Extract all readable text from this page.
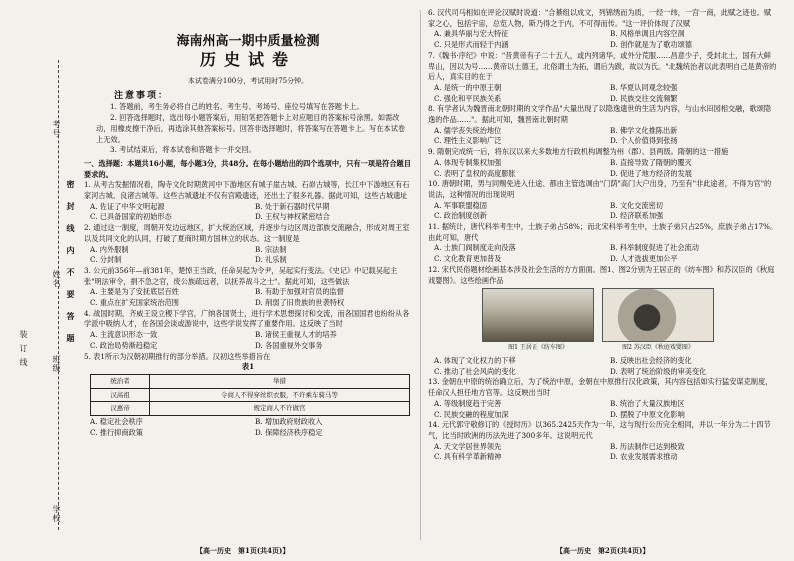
考号
姓名
班级
学校
密封线内不要答题
装订线
海南州高一期中质量检测
历史试卷
本试卷满分100分，考试用时75分钟。
注意事项：
1. 答题前，考生务必将自己的姓名、考生号、考场号、座位号填写在答题卡上。
2. 回答选择题时，选出每小题答案后，用铅笔把答题卡上对应题目的答案标号涂黑。如需改动，用橡皮擦干净后，再选涂其他答案标号。回答非选择题时，将答案写在答题卡上。写在本试卷上无效。
3. 考试结束后，将本试卷和答题卡一并交回。
一、选择题：本题共16小题，每小题3分，共48分。在每小题给出的四个选项中，只有一项是符合题目要求的。
1. 从考古发掘情况看，陶寺文化时期黄河中下游地区有城子崖古城、石峁古城等，长江中下游地区有石家河古城、良渚古城等。这些古城遗址不仅有宫殿遗迹，还出土了很多礼器。据此可知，这些古城遗址
A. 佐证了中华文明起源	B. 处于新石器时代早期
C. 已具备国家的初始形态	D. 王权与神权紧密结合
2. 通过这一制度，周朝开发边远地区，扩大统治区域，并逐步与边区周边部族交流融合，形成对周王室以及共同文化的认同，打破了夏商时期方国林立的状态。这一制度是
A. 内外服制	B. 宗法制
C. 分封制	D. 礼乐制
3. 公元前356年—前381年，楚悼王当政，任命吴起为令尹，吴起实行变法。《史记》中记载吴起主张"明法审令，捐不急之官，废公族疏远者，以抚养战斗之士"。据此可知，这些做法
A. 主要是为了安抚底层百姓	B. 有助于加强对官员的监督
C. 重点在扩充国家统治范围	D. 削弱了旧贵族的世袭特权
4. 战国时期，齐威王设立稷下学宫，广纳各国贤士，进行学术思想探讨和交流，而各国国君也纷纷从各学派中吸纳人才，在各国会谈或游说中，这些学说发挥了重要作用。这反映了当时
A. 主流意识形态一致	B. 诸侯王重视人才的培养
C. 政治局势渐趋稳定	D. 各国重视外交事务
5. 表1所示为汉朝初期推行的部分举措。汉初这些举措旨在
表1
统治者	举措
汉高祖	令商人不得穿丝织衣服，不许乘车骑马等
汉惠帝	规定商人不许做官
A. 稳定社会秩序	B. 增加政府财政收入
C. 推行抑商政策	D. 保障经济秩序稳定
6. 汉代司马相如在评论汉赋时说道："合綦组以成文，列锦绣而为质，一经一纬，一宫一商，此赋之迹也。赋家之心，包括宇宙，总览人物，斯乃得之于内，不可得而传。"这一评价体现了汉赋
A. 兼具华丽与宏大特征	B. 风格单调且内容空洞
C. 只是形式而轻于内涵	D. 创作就是为了歌功颂德
7.《魏书·序纪》中说："昔黄帝有子二十五人，或内列诸华，或外分荒服……昌意少子，受封北土，国有大鲜卑山，因以为号……黄帝以土德王，北俗谓土为拓，谓后为跋，故以为氏。"北魏统治者以此表明自己是黄帝的后人，真实目的在于
A. 是统一的中原王朝	B. 华夏认同观念较强
C. 强化和平民族关系	D. 民族交往交流频繁
8. 有学者认为魏晋南北朝时期的文学作品"大量出现了以隐逸遗世的生活为内容，与山水田园相交融，歌颂隐逸的作品……"。据此可知，魏晋南北朝时期
A. 儒学丧失统治地位	B. 佛学文化推陈出新
C. 理性主义影响广泛	D. 个人价值得到张扬
9. 隋朝完成统一后，将东汉以来大多数地方行政机构调整为州（郡）、县两级。隋朝的这一措施
A. 体现专制集权加强	B. 直接导致了隋朝的覆灭
C. 表明了皇权的高度膨胀	D. 促进了地方经济的发展
10. 唐朝时期，男与同赐免进入仕途、都由主管选调由"门荫"高门大户出身，乃至有"非此途者，不得为官"的说法，这种情况的出现说明
A. 军事联盟稳固	B. 文化交流密切
C. 政治制度创新	D. 经济联系加强
11. 据统计，唐代科举考生中，士族子弟占58%；而北宋科举考生中，士族子弟只占25%，庶族子弟占17%。由此可知，唐代
A. 士族门阀制度走向没落	B. 科举制度促进了社会流动
C. 文化教育更加普及	D. 人才选拔更加公平
12. 宋代民俗题材绘画基本涉及社会生活的方方面面。图1、图2分别为王居正的《纺车图》和苏汉臣的《秋庭戏婴图》。这些绘画作品
图1 王居正《纺车图》	图2 苏汉臣《秋庭戏婴图》
A. 体现了文化权力的下移	B. 反映出社会经济的变化
C. 推动了社会风尚的变化	D. 表明了统治阶级的审美变化
13. 金朝在中原的统治确立后，为了统治中原，金朝在中原推行汉化政策，其内容包括如实行猛安谋克制度，任命汉人担任地方官等。这反映出当时
A. 等级制度趋于完善	B. 统治了大量汉族地区
C. 民族交融的程度加深	D. 摆脱了中原文化影响
14. 元代郭守敬修订的《授时历》以365.2425天作为一年，这与现行公历完全相同，并以一年分为二十四节气，比当时欧洲的历法先进了300多年。这说明元代
A. 天文学居世界领先	B. 历法制作已达到极致
C. 具有科学革新精神	D. 农业发展需求推动
【高一历史　第1页(共4页)】	【高一历史　第2页(共4页)】
